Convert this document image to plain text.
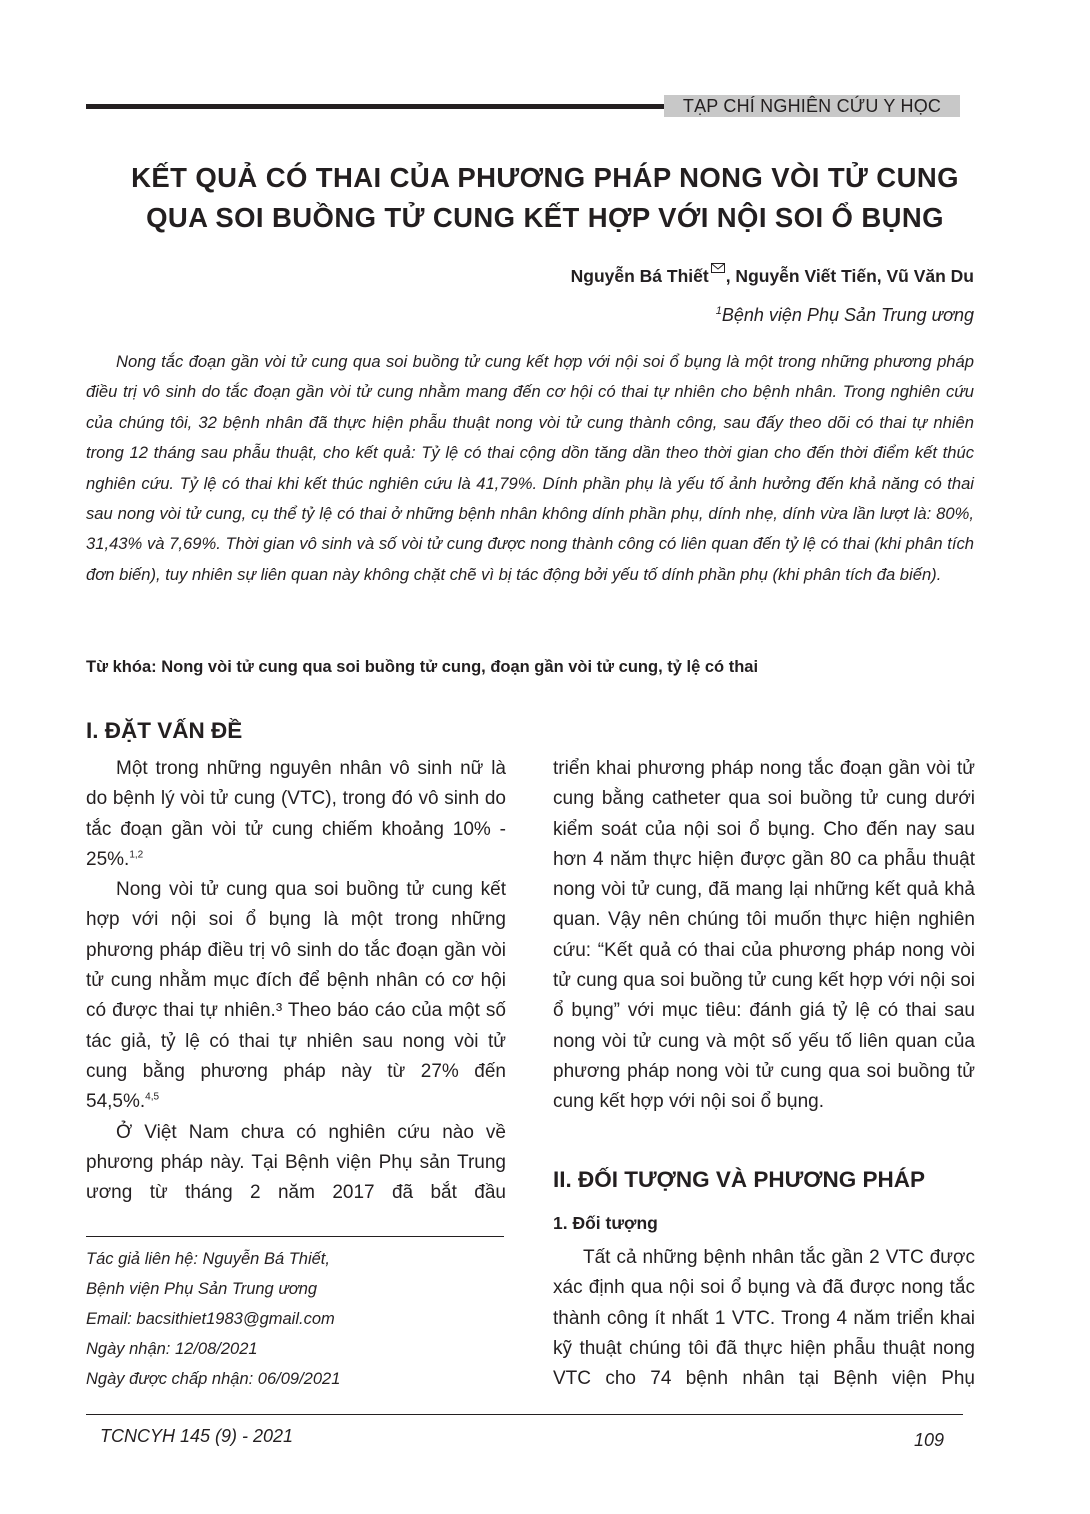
TẠP CHÍ NGHIÊN CỨU Y HỌC
KẾT QUẢ CÓ THAI CỦA PHƯƠNG PHÁP NONG VÒI TỬ CUNG
QUA SOI BUỒNG TỬ CUNG KẾT HỢP VỚI NỘI SOI Ổ BỤNG
Nguyễn Bá Thiết , Nguyễn Viết Tiến, Vũ Văn Du
$^1$Bệnh viện Phụ Sản Trung ương
Nong tắc đoạn gần vòi tử cung qua soi buồng tử cung kết hợp với nội soi ổ bụng là một trong những phương pháp điều trị vô sinh do tắc đoạn gần vòi tử cung nhằm mang đến cơ hội có thai tự nhiên cho bệnh nhân. Trong nghiên cứu của chúng tôi, 32 bệnh nhân đã thực hiện phẫu thuật nong vòi tử cung thành công, sau đấy theo dõi có thai tự nhiên trong 12 tháng sau phẫu thuật, cho kết quả: Tỷ lệ có thai cộng dồn tăng dần theo thời gian cho đến thời điểm kết thúc nghiên cứu. Tỷ lệ có thai khi kết thúc nghiên cứu là 41,79%. Dính phần phụ là yếu tố ảnh hưởng đến khả năng có thai sau nong vòi tử cung, cụ thể tỷ lệ có thai ở những bệnh nhân không dính phần phụ, dính nhẹ, dính vừa lần lượt là: 80%, 31,43% và 7,69%. Thời gian vô sinh và số vòi tử cung được nong thành công có liên quan đến tỷ lệ có thai (khi phân tích đơn biến), tuy nhiên sự liên quan này không chặt chẽ vì bị tác động bởi yếu tố dính phần phụ (khi phân tích đa biến).
Từ khóa: Nong vòi tử cung qua soi buồng tử cung, đoạn gần vòi tử cung, tỷ lệ có thai
I. ĐẶT VẤN ĐỀ

Một trong những nguyên nhân vô sinh nữ là do bệnh lý vòi tử cung (VTC), trong đó vô sinh do tắc đoạn gần vòi tử cung chiếm khoảng 10% - 25%.$^{1,2}$

Nong vòi tử cung qua soi buồng tử cung kết hợp với nội soi ổ bụng là một trong những phương pháp điều trị vô sinh do tắc đoạn gần vòi tử cung nhằm mục đích để bệnh nhân có cơ hội có được thai tự nhiên.³ Theo báo cáo của một số tác giả, tỷ lệ có thai tự nhiên sau nong vòi tử cung bằng phương pháp này từ 27% đến 54,5%.$^{4,5}$

Ở Việt Nam chưa có nghiên cứu nào về phương pháp này. Tại Bệnh viện Phụ sản Trung ương từ tháng 2 năm 2017 đã bắt đầu

Tác giả liên hệ: Nguyễn Bá Thiết,
Bệnh viện Phụ Sản Trung ương
Email: bacsithiet1983@gmail.com
Ngày nhận: 12/08/2021
Ngày được chấp nhận: 06/09/2021

triển khai phương pháp nong tắc đoạn gần vòi tử cung bằng catheter qua soi buồng tử cung dưới kiểm soát của nội soi ổ bụng. Cho đến nay sau hơn 4 năm thực hiện được gần 80 ca phẫu thuật nong vòi tử cung, đã mang lại những kết quả khả quan. Vậy nên chúng tôi muốn thực hiện nghiên cứu: “Kết quả có thai của phương pháp nong vòi tử cung qua soi buồng tử cung kết hợp với nội soi ổ bụng” với mục tiêu: đánh giá tỷ lệ có thai sau nong vòi tử cung và một số yếu tố liên quan của phương pháp nong vòi tử cung qua soi buồng tử cung kết hợp với nội soi ổ bụng.

II. ĐỐI TƯỢNG VÀ PHƯƠNG PHÁP
1. Đối tượng

Tất cả những bệnh nhân tắc gần 2 VTC được xác định qua nội soi ổ bụng và đã được nong tắc thành công ít nhất 1 VTC. Trong 4 năm triển khai kỹ thuật chúng tôi đã thực hiện phẫu thuật nong VTC cho 74 bệnh nhân tại Bệnh viện Phụ

TCNCYH 145 (9) - 2021	109
